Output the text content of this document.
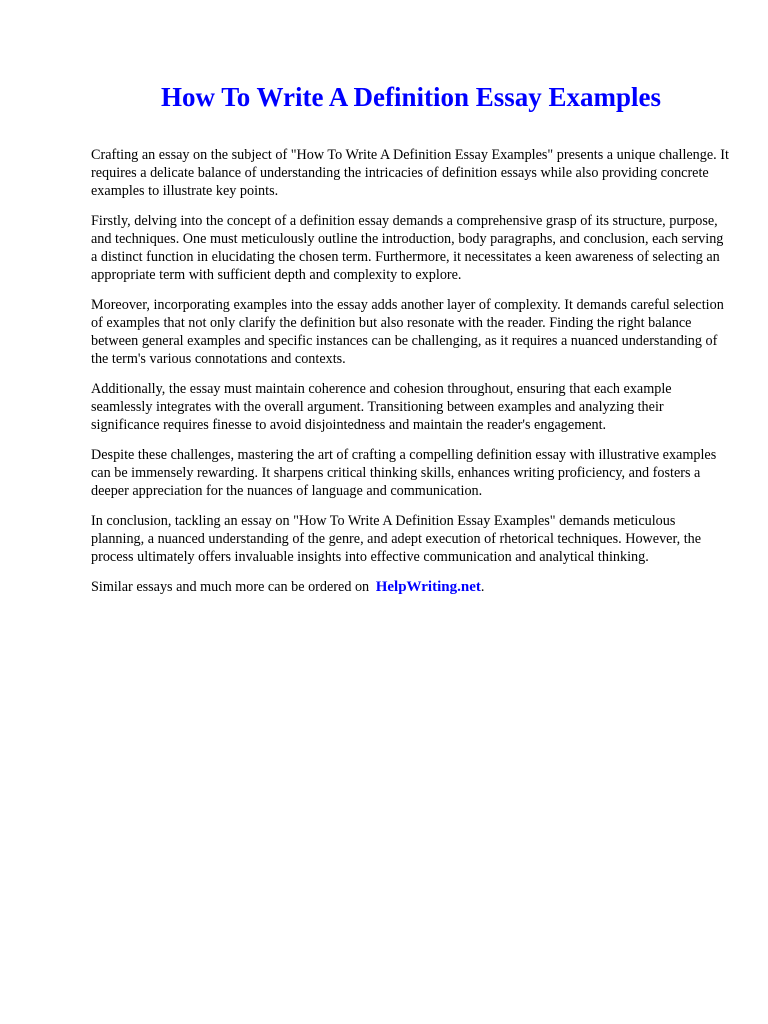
How To Write A Definition Essay Examples

Crafting an essay on the subject of "How To Write A Definition Essay Examples" presents a unique challenge. It requires a delicate balance of understanding the intricacies of definition essays while also providing concrete examples to illustrate key points.

Firstly, delving into the concept of a definition essay demands a comprehensive grasp of its structure, purpose, and techniques. One must meticulously outline the introduction, body paragraphs, and conclusion, each serving a distinct function in elucidating the chosen term. Furthermore, it necessitates a keen awareness of selecting an appropriate term with sufficient depth and complexity to explore.

Moreover, incorporating examples into the essay adds another layer of complexity. It demands careful selection of examples that not only clarify the definition but also resonate with the reader. Finding the right balance between general examples and specific instances can be challenging, as it requires a nuanced understanding of the term's various connotations and contexts.

Additionally, the essay must maintain coherence and cohesion throughout, ensuring that each example seamlessly integrates with the overall argument. Transitioning between examples and analyzing their significance requires finesse to avoid disjointedness and maintain the reader's engagement.

Despite these challenges, mastering the art of crafting a compelling definition essay with illustrative examples can be immensely rewarding. It sharpens critical thinking skills, enhances writing proficiency, and fosters a deeper appreciation for the nuances of language and communication.

In conclusion, tackling an essay on "How To Write A Definition Essay Examples" demands meticulous planning, a nuanced understanding of the genre, and adept execution of rhetorical techniques. However, the process ultimately offers invaluable insights into effective communication and analytical thinking.

Similar essays and much more can be ordered on HelpWriting.net.
